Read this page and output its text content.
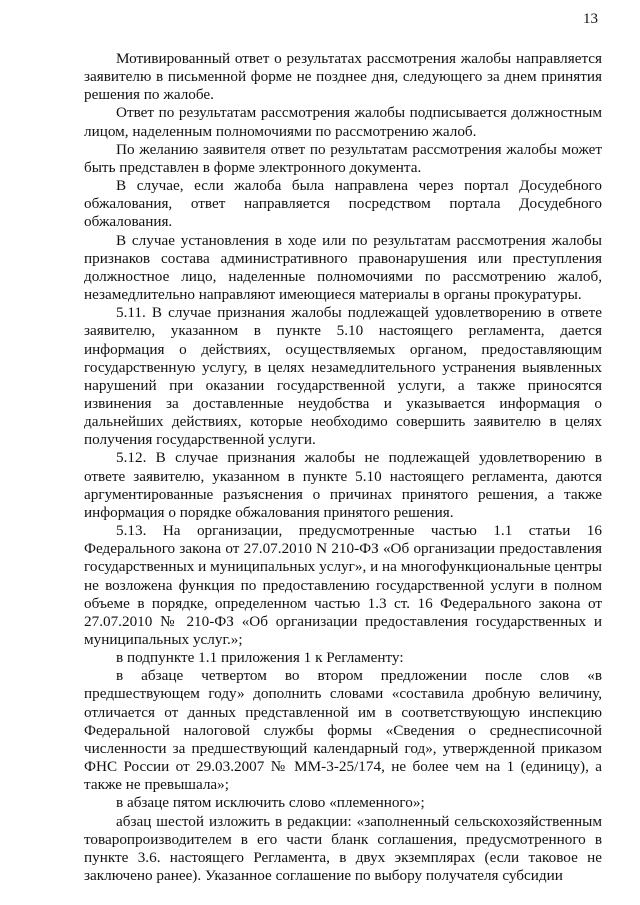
13

Мотивированный ответ о результатах рассмотрения жалобы направляется заявителю в письменной форме не позднее дня, следующего за днем принятия решения по жалобе.

Ответ по результатам рассмотрения жалобы подписывается должностным лицом, наделенным полномочиями по рассмотрению жалоб.

По желанию заявителя ответ по результатам рассмотрения жалобы может быть представлен в форме электронного документа.

В случае, если жалоба была направлена через портал Досудебного обжалования, ответ направляется посредством портала Досудебного обжалования.

В случае установления в ходе или по результатам рассмотрения жалобы признаков состава административного правонарушения или преступления должностное лицо, наделенные полномочиями по рассмотрению жалоб, незамедлительно направляют имеющиеся материалы в органы прокуратуры.

5.11. В случае признания жалобы подлежащей удовлетворению в ответе заявителю, указанном в пункте 5.10 настоящего регламента, дается информация о действиях, осуществляемых органом, предоставляющим государственную услугу, в целях незамедлительного устранения выявленных нарушений при оказании государственной услуги, а также приносятся извинения за доставленные неудобства и указывается информация о дальнейших действиях, которые необходимо совершить заявителю в целях получения государственной услуги.

5.12. В случае признания жалобы не подлежащей удовлетворению в ответе заявителю, указанном в пункте 5.10 настоящего регламента, даются аргументированные разъяснения о причинах принятого решения, а также информация о порядке обжалования принятого решения.

5.13. На организации, предусмотренные частью 1.1 статьи 16 Федерального закона от 27.07.2010 N 210-ФЗ «Об организации предоставления государственных и муниципальных услуг», и на многофункциональные центры не возложена функция по предоставлению государственной услуги в полном объеме в порядке, определенном частью 1.3 ст. 16 Федерального закона от 27.07.2010 № 210-ФЗ «Об организации предоставления государственных и муниципальных услуг.»;

в подпункте 1.1 приложения 1 к Регламенту:

в абзаце четвертом во втором предложении после слов «в предшествующем году» дополнить словами «составила дробную величину, отличается от данных представленной им в соответствующую инспекцию Федеральной налоговой службы формы «Сведения о среднесписочной численности за предшествующий календарный год», утвержденной приказом ФНС России от 29.03.2007 № ММ-3-25/174, не более чем на 1 (единицу), а также не превышала»;

в абзаце пятом исключить слово «племенного»;

абзац шестой изложить в редакции: «заполненный сельскохозяйственным товаропроизводителем в его части бланк соглашения, предусмотренного в пункте 3.6. настоящего Регламента, в двух экземплярах (если таковое не заключено ранее). Указанное соглашение по выбору получателя субсидии
